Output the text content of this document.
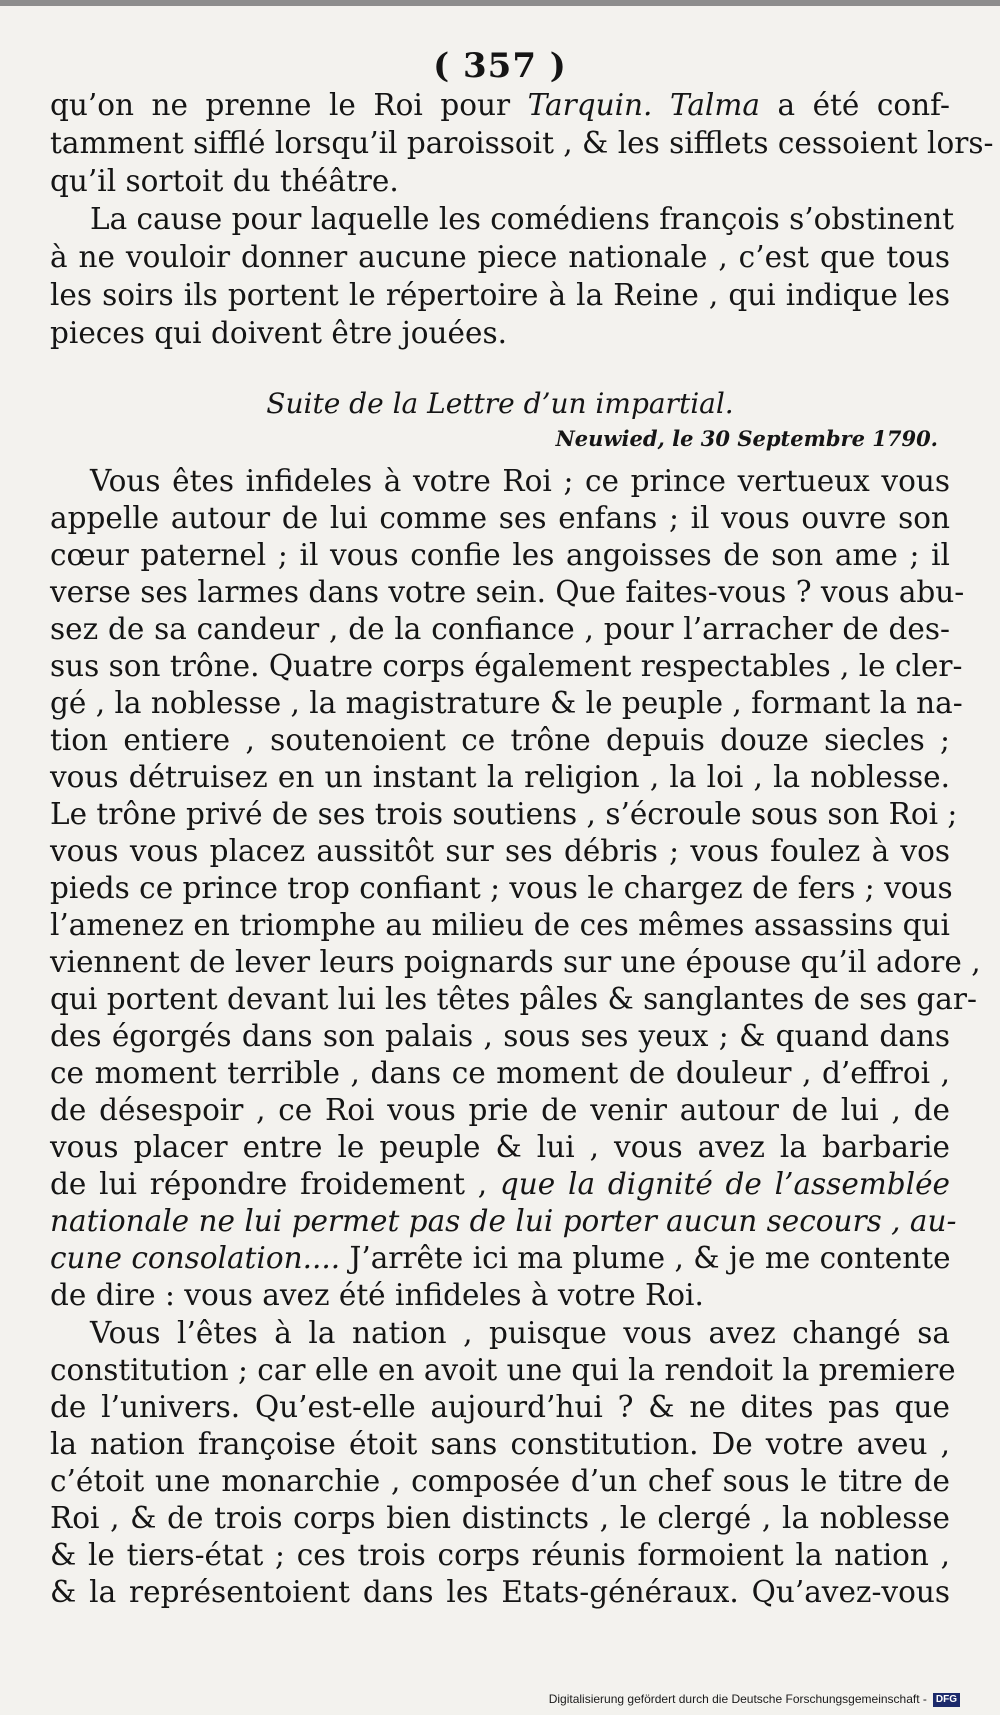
( 357 )
qu’on ne prenne le Roi pour Tarquin. Talma a été conf-
tamment sifflé lorsqu’il paroissoit , & les sifflets cessoient lors-
qu’il sortoit du théâtre.
La cause pour laquelle les comédiens françois s’obstinent
à ne vouloir donner aucune piece nationale , c’est que tous
les soirs ils portent le répertoire à la Reine , qui indique les
pieces qui doivent être jouées.
Suite de la Lettre d’un impartial.
Neuwied, le 30 Septembre 1790.
Vous êtes infideles à votre Roi ; ce prince vertueux vous
appelle autour de lui comme ses enfans ; il vous ouvre son
cœur paternel ; il vous confie les angoisses de son ame ; il
verse ses larmes dans votre sein. Que faites-vous ? vous abu-
sez de sa candeur , de la confiance , pour l’arracher de des-
sus son trône. Quatre corps également respectables , le cler-
gé , la noblesse , la magistrature & le peuple , formant la na-
tion entiere , soutenoient ce trône depuis douze siecles ;
vous détruisez en un instant la religion , la loi , la noblesse.
Le trône privé de ses trois soutiens , s’écroule sous son Roi ;
vous vous placez aussitôt sur ses débris ; vous foulez à vos
pieds ce prince trop confiant ; vous le chargez de fers ; vous
l’amenez en triomphe au milieu de ces mêmes assassins qui
viennent de lever leurs poignards sur une épouse qu’il adore ,
qui portent devant lui les têtes pâles & sanglantes de ses gar-
des égorgés dans son palais , sous ses yeux ; & quand dans
ce moment terrible , dans ce moment de douleur , d’effroi ,
de désespoir , ce Roi vous prie de venir autour de lui , de
vous placer entre le peuple & lui , vous avez la barbarie
de lui répondre froidement , que la dignité de l’assemblée
nationale ne lui permet pas de lui porter aucun secours , au-
cune consolation.... J’arrête ici ma plume , & je me contente
de dire : vous avez été infideles à votre Roi.
Vous l’êtes à la nation , puisque vous avez changé sa
constitution ; car elle en avoit une qui la rendoit la premiere
de l’univers. Qu’est-elle aujourd’hui ? & ne dites pas que
la nation françoise étoit sans constitution. De votre aveu ,
c’étoit une monarchie , composée d’un chef sous le titre de
Roi , & de trois corps bien distincts , le clergé , la noblesse
& le tiers-état ; ces trois corps réunis formoient la nation ,
& la représentoient dans les Etats-généraux. Qu’avez-vous
Digitalisierung gefördert durch die Deutsche Forschungsgemeinschaft - DFG
